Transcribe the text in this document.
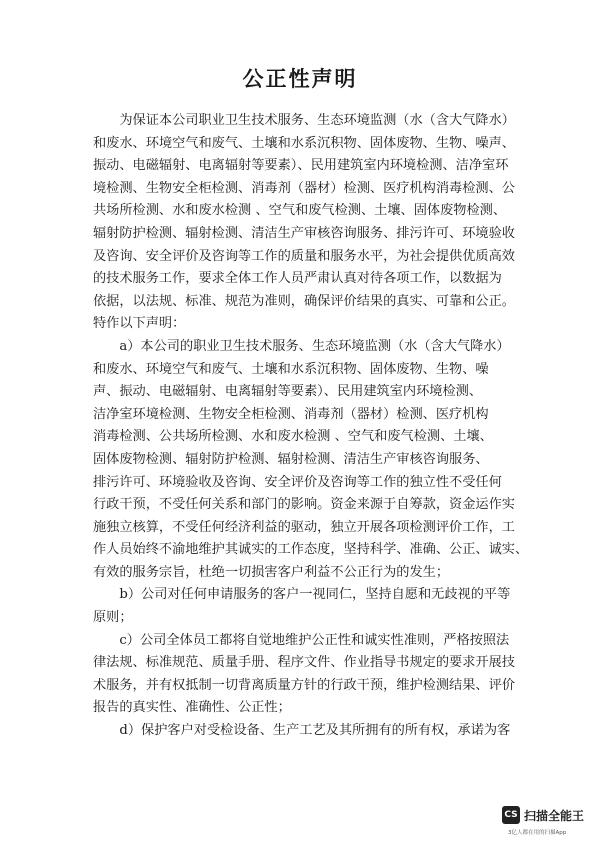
公正性声明
　　为保证本公司职业卫生技术服务、生态环境监测（水（含大气降水）
和废水、环境空气和废气、土壤和水系沉积物、固体废物、生物、噪声、
振动、电磁辐射、电离辐射等要素）、民用建筑室内环境检测、洁净室环
境检测、生物安全柜检测、消毒剂（器材）检测、医疗机构消毒检测、公
共场所检测、水和废水检测 、空气和废气检测、土壤、固体废物检测、
辐射防护检测、辐射检测、清洁生产审核咨询服务、排污许可、环境验收
及咨询、安全评价及咨询等工作的质量和服务水平，为社会提供优质高效
的技术服务工作，要求全体工作人员严肃认真对待各项工作，以数据为
依据，以法规、标准、规范为准则，确保评价结果的真实、可靠和公正。
特作以下声明：
　　a）本公司的职业卫生技术服务、生态环境监测（水（含大气降水）
和废水、环境空气和废气、土壤和水系沉积物、固体废物、生物、噪
声、振动、电磁辐射、电离辐射等要素）、民用建筑室内环境检测、
洁净室环境检测、生物安全柜检测、消毒剂（器材）检测、医疗机构
消毒检测、公共场所检测、水和废水检测 、空气和废气检测、土壤、
固体废物检测、辐射防护检测、辐射检测、清洁生产审核咨询服务、
排污许可、环境验收及咨询、安全评价及咨询等工作的独立性不受任何
行政干预，不受任何关系和部门的影响。资金来源于自筹款，资金运作实
施独立核算，不受任何经济利益的驱动，独立开展各项检测评价工作，工
作人员始终不渝地维护其诚实的工作态度，坚持科学、准确、公正、诚实、
有效的服务宗旨，杜绝一切损害客户利益不公正行为的发生；
　　b）公司对任何申请服务的客户一视同仁，坚持自愿和无歧视的平等
原则；
　　c）公司全体员工都将自觉地维护公正性和诚实性准则，严格按照法
律法规、标准规范、质量手册、程序文件、作业指导书规定的要求开展技
术服务，并有权抵制一切背离质量方针的行政干预，维护检测结果、评价
报告的真实性、准确性、公正性；
　　d）保护客户对受检设备、生产工艺及其所拥有的所有权，承诺为客
CS 扫描全能王
3亿人都在用的扫描App
